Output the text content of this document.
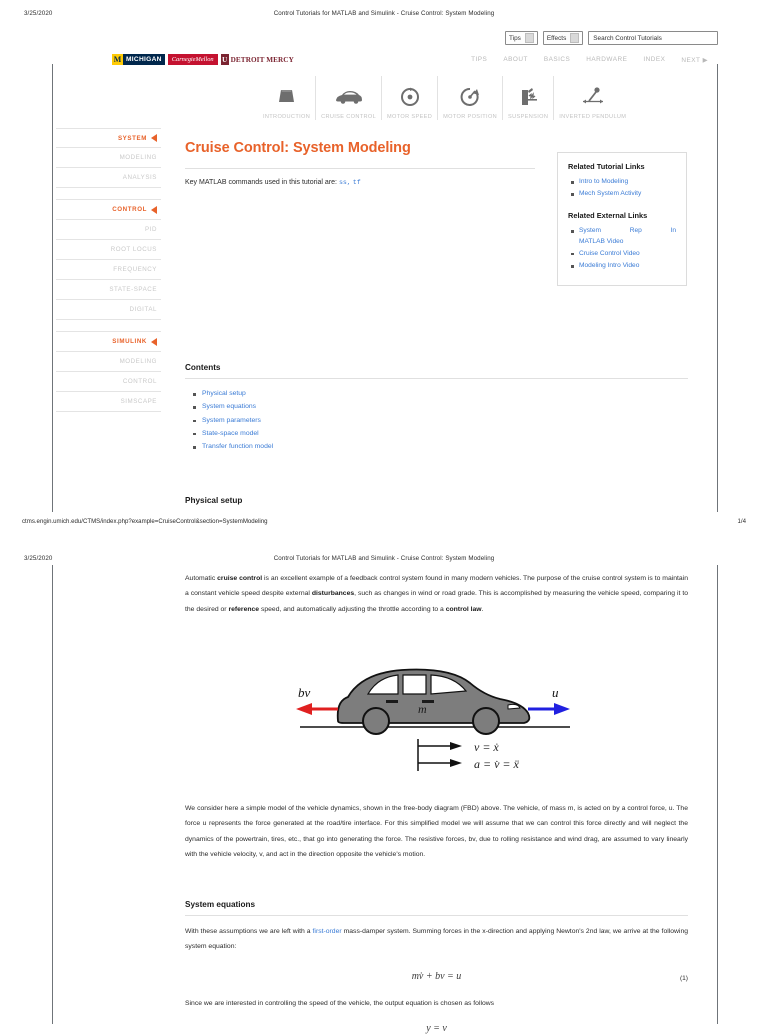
3/25/2020	Control Tutorials for MATLAB and Simulink - Cruise Control: System Modeling
Tips	Effects	Search Control Tutorials
M MICHIGAN	CarnegieMellon	U DETROIT MERCY	TIPS	ABOUT	BASICS	HARDWARE	INDEX	NEXT ▶
INTRODUCTION CRUISE CONTROL MOTOR SPEED MOTOR POSITION SUSPENSION INVERTED PENDULUM
SYSTEM
MODELING
ANALYSIS
CONTROL
PID
ROOT LOCUS
FREQUENCY
STATE-SPACE
DIGITAL
SIMULINK
MODELING
CONTROL
SIMSCAPE
Cruise Control: System Modeling
Key MATLAB commands used in this tutorial are: ss, tf
Related Tutorial Links
Intro to Modeling
Mech System Activity
Related External Links
System	Rep	In
MATLAB Video
Cruise Control Video
Modeling Intro Video
Contents
Physical setup
System equations
System parameters
State-space model
Transfer function model
Physical setup
ctms.engin.umich.edu/CTMS/index.php?example=CruiseControl&section=SystemModeling	1/4
3/25/2020	Control Tutorials for MATLAB and Simulink - Cruise Control: System Modeling

Automatic cruise control is an excellent example of a feedback control system found in many modern vehicles. The purpose of the cruise control system is to maintain a constant vehicle speed despite external disturbances, such as changes in wind or road grade. This is accomplished by measuring the vehicle speed, comparing it to the desired or reference speed, and automatically adjusting the throttle according to a control law.

bv	u
m
v = ẋ
a = v̇ = ẍ

We consider here a simple model of the vehicle dynamics, shown in the free-body diagram (FBD) above. The vehicle, of mass m, is acted on by a control force, u. The force u represents the force generated at the road/tire interface. For this simplified model we will assume that we can control this force directly and will neglect the dynamics of the powertrain, tires, etc., that go into generating the force. The resistive forces, bv, due to rolling resistance and wind drag, are assumed to vary linearly with the vehicle velocity, v, and act in the direction opposite the vehicle's motion.

System equations

With these assumptions we are left with a first-order mass-damper system. Summing forces in the x-direction and applying Newton's 2nd law, we arrive at the following system equation:

mv̇ + bv = u	(1)

Since we are interested in controlling the speed of the vehicle, the output equation is chosen as follows

y = v
